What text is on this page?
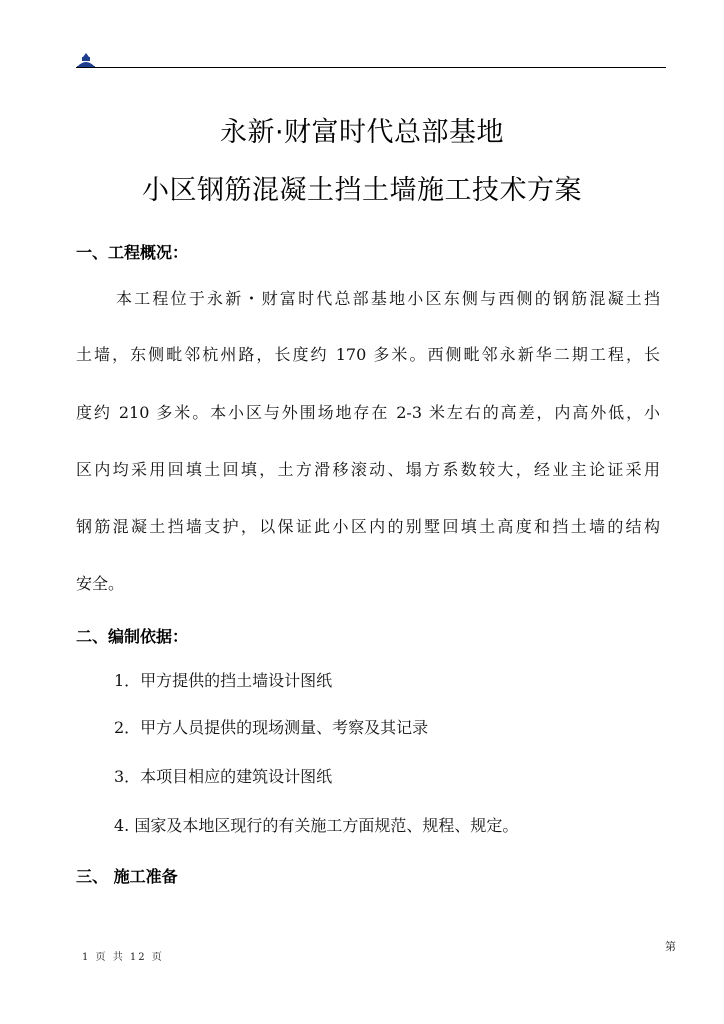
永新·财富时代总部基地
小区钢筋混凝土挡土墙施工技术方案
一、工程概况：
本工程位于永新・财富时代总部基地小区东侧与西侧的钢筋混凝土挡
土墙，东侧毗邻杭州路，长度约 170 多米。西侧毗邻永新华二期工程，长
度约 210 多米。本小区与外围场地存在 2-3 米左右的高差，内高外低，小
区内均采用回填土回填，土方滑移滚动、塌方系数较大，经业主论证采用
钢筋混凝土挡墙支护，以保证此小区内的别墅回填土高度和挡土墙的结构
安全。
二、编制依据：
1．甲方提供的挡土墙设计图纸
2．甲方人员提供的现场测量、考察及其记录
3．本项目相应的建筑设计图纸
4. 国家及本地区现行的有关施工方面规范、规程、规定。
三、 施工准备
第
1 页 共 12 页
